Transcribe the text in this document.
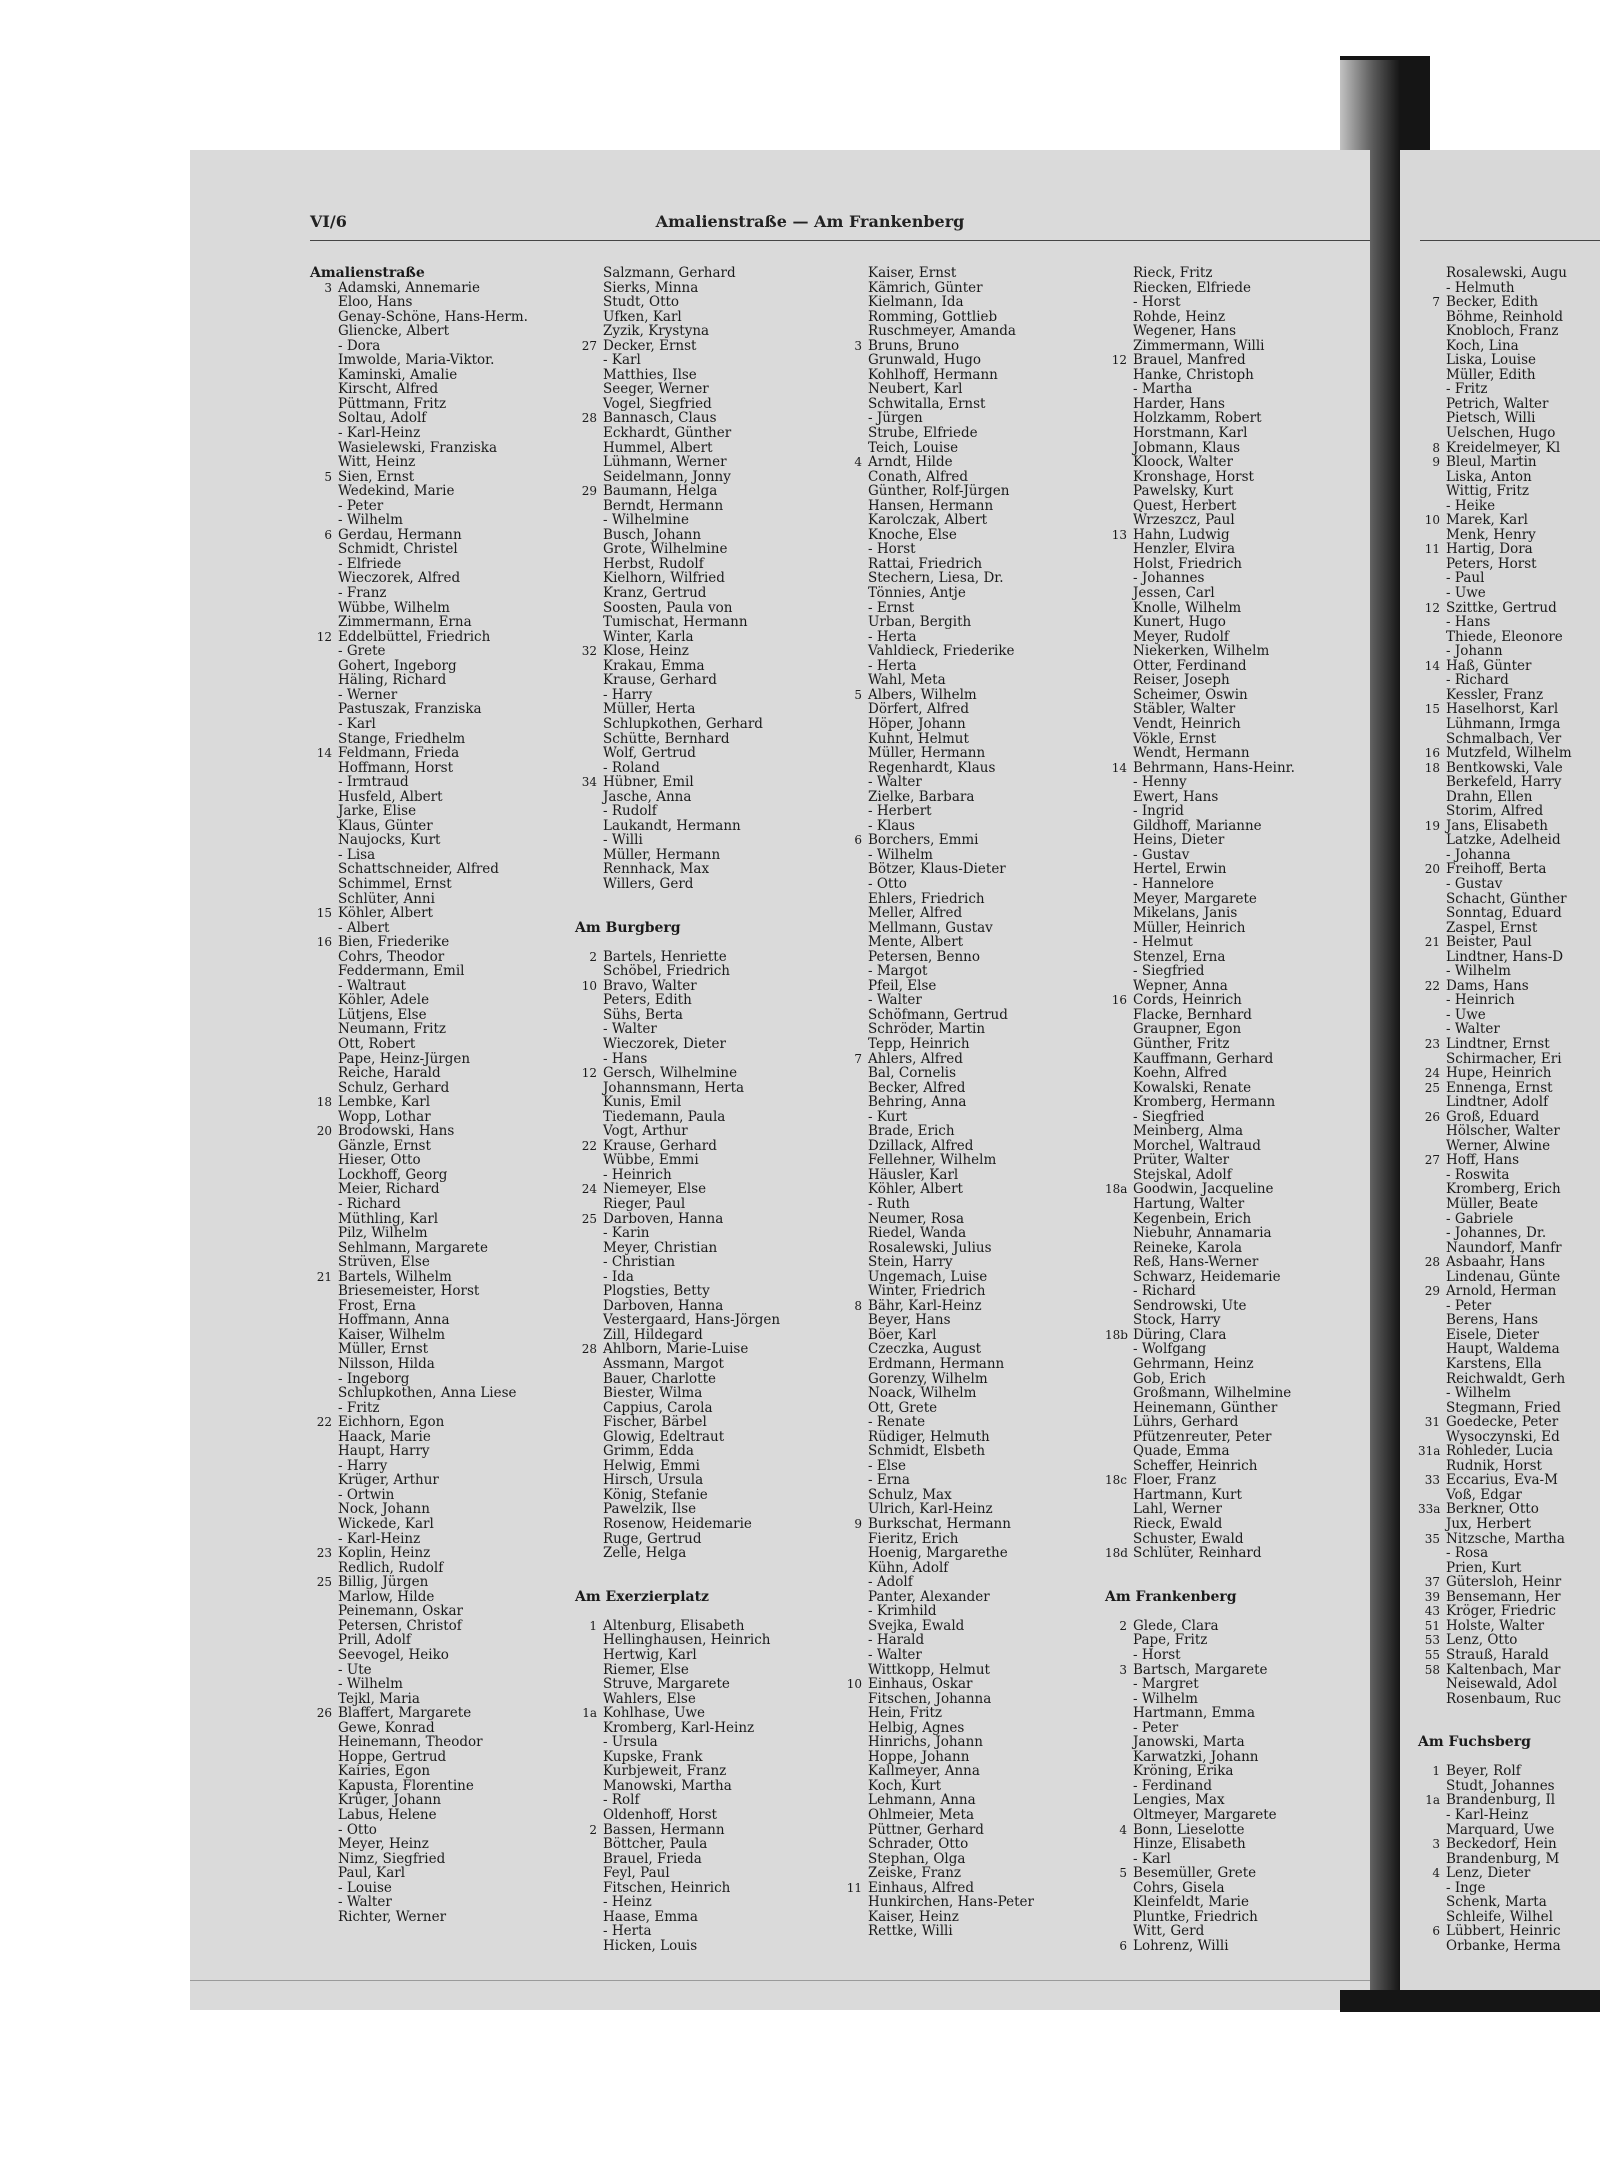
VI/6	Amalienstraße — Am Frankenberg
Amalienstraße
3 Adamski, Annemarie
Eloo, Hans
Genay-Schöne, Hans-Herm.
Gliencke, Albert
- Dora
Imwolde, Maria-Viktor.
Kaminski, Amalie
Kirscht, Alfred
Püttmann, Fritz
Soltau, Adolf
- Karl-Heinz
Wasielewski, Franziska
Witt, Heinz
5 Sien, Ernst
Wedekind, Marie
- Peter
- Wilhelm
6 Gerdau, Hermann
Schmidt, Christel
- Elfriede
Wieczorek, Alfred
- Franz
Wübbe, Wilhelm
Zimmermann, Erna
12 Eddelbüttel, Friedrich
- Grete
Gohert, Ingeborg
Häling, Richard
- Werner
Pastuszak, Franziska
- Karl
Stange, Friedhelm
14 Feldmann, Frieda
Hoffmann, Horst
- Irmtraud
Husfeld, Albert
Jarke, Elise
Klaus, Günter
Naujocks, Kurt
- Lisa
Schattschneider, Alfred
Schimmel, Ernst
Schlüter, Anni
15 Köhler, Albert
- Albert
16 Bien, Friederike
Cohrs, Theodor
Feddermann, Emil
- Waltraut
Köhler, Adele
Lütjens, Else
Neumann, Fritz
Ott, Robert
Pape, Heinz-Jürgen
Reiche, Harald
Schulz, Gerhard
18 Lembke, Karl
Wopp, Lothar
20 Brodowski, Hans
Gänzle, Ernst
Hieser, Otto
Lockhoff, Georg
Meier, Richard
- Richard
Müthling, Karl
Pilz, Wilhelm
Sehlmann, Margarete
Strüven, Else
21 Bartels, Wilhelm
Briesemeister, Horst
Frost, Erna
Hoffmann, Anna
Kaiser, Wilhelm
Müller, Ernst
Nilsson, Hilda
- Ingeborg
Schlupkothen, Anna Liese
- Fritz
22 Eichhorn, Egon
Haack, Marie
Haupt, Harry
- Harry
Krüger, Arthur
- Ortwin
Nock, Johann
Wickede, Karl
- Karl-Heinz
23 Koplin, Heinz
Redlich, Rudolf
25 Billig, Jürgen
Marlow, Hilde
Peinemann, Oskar
Petersen, Christof
Prill, Adolf
Seevogel, Heiko
- Ute
- Wilhelm
Tejkl, Maria
26 Blaffert, Margarete
Gewe, Konrad
Heinemann, Theodor
Hoppe, Gertrud
Kairies, Egon
Kapusta, Florentine
Krüger, Johann
Labus, Helene
- Otto
Meyer, Heinz
Nimz, Siegfried
Paul, Karl
- Louise
- Walter
Richter, Werner
Salzmann, Gerhard
Sierks, Minna
Studt, Otto
Ufken, Karl
Zyzik, Krystyna
27 Decker, Ernst
- Karl
Matthies, Ilse
Seeger, Werner
Vogel, Siegfried
28 Bannasch, Claus
Eckhardt, Günther
Hummel, Albert
Lühmann, Werner
Seidelmann, Jonny
29 Baumann, Helga
Berndt, Hermann
- Wilhelmine
Busch, Johann
Grote, Wilhelmine
Herbst, Rudolf
Kielhorn, Wilfried
Kranz, Gertrud
Soosten, Paula von
Tumischat, Hermann
Winter, Karla
32 Klose, Heinz
Krakau, Emma
Krause, Gerhard
- Harry
Müller, Herta
Schlupkothen, Gerhard
Schütte, Bernhard
Wolf, Gertrud
- Roland
34 Hübner, Emil
Jasche, Anna
- Rudolf
Laukandt, Hermann
- Willi
Müller, Hermann
Rennhack, Max
Willers, Gerd
Am Burgberg
2 Bartels, Henriette
Schöbel, Friedrich
10 Bravo, Walter
Peters, Edith
Sühs, Berta
- Walter
Wieczorek, Dieter
- Hans
12 Gersch, Wilhelmine
Johannsmann, Herta
Kunis, Emil
Tiedemann, Paula
Vogt, Arthur
22 Krause, Gerhard
Wübbe, Emmi
- Heinrich
24 Niemeyer, Else
Rieger, Paul
25 Darboven, Hanna
- Karin
Meyer, Christian
- Christian
- Ida
Plogsties, Betty
Darboven, Hanna
Vestergaard, Hans-Jörgen
Zill, Hildegard
28 Ahlborn, Marie-Luise
Assmann, Margot
Bauer, Charlotte
Biester, Wilma
Cappius, Carola
Fischer, Bärbel
Glowig, Edeltraut
Grimm, Edda
Helwig, Emmi
Hirsch, Ursula
König, Stefanie
Pawelzik, Ilse
Rosenow, Heidemarie
Ruge, Gertrud
Zelle, Helga
Am Exerzierplatz
1 Altenburg, Elisabeth
Hellinghausen, Heinrich
Hertwig, Karl
Riemer, Else
Struve, Margarete
Wahlers, Else
1a Kohlhase, Uwe
Kromberg, Karl-Heinz
- Ursula
Kupske, Frank
Kurbjeweit, Franz
Manowski, Martha
- Rolf
Oldenhoff, Horst
2 Bassen, Hermann
Böttcher, Paula
Brauel, Frieda
Feyl, Paul
Fitschen, Heinrich
- Heinz
Haase, Emma
- Herta
Hicken, Louis
Kaiser, Ernst
Kämrich, Günter
Kielmann, Ida
Romming, Gottlieb
Ruschmeyer, Amanda
3 Bruns, Bruno
Grunwald, Hugo
Kohlhoff, Hermann
Neubert, Karl
Schwitalla, Ernst
- Jürgen
Strube, Elfriede
Teich, Louise
4 Arndt, Hilde
Conath, Alfred
Günther, Rolf-Jürgen
Hansen, Hermann
Karolczak, Albert
Knoche, Else
- Horst
Rattai, Friedrich
Stechern, Liesa, Dr.
Tönnies, Antje
- Ernst
Urban, Bergith
- Herta
Vahldieck, Friederike
- Herta
Wahl, Meta
5 Albers, Wilhelm
Dörfert, Alfred
Höper, Johann
Kuhnt, Helmut
Müller, Hermann
Regenhardt, Klaus
- Walter
Zielke, Barbara
- Herbert
- Klaus
6 Borchers, Emmi
- Wilhelm
Bötzer, Klaus-Dieter
- Otto
Ehlers, Friedrich
Meller, Alfred
Mellmann, Gustav
Mente, Albert
Petersen, Benno
- Margot
Pfeil, Else
- Walter
Schöfmann, Gertrud
Schröder, Martin
Tepp, Heinrich
7 Ahlers, Alfred
Bal, Cornelis
Becker, Alfred
Behring, Anna
- Kurt
Brade, Erich
Dzillack, Alfred
Fellehner, Wilhelm
Häusler, Karl
Köhler, Albert
- Ruth
Neumer, Rosa
Riedel, Wanda
Rosalewski, Julius
Stein, Harry
Ungemach, Luise
Winter, Friedrich
8 Bähr, Karl-Heinz
Beyer, Hans
Böer, Karl
Czeczka, August
Erdmann, Hermann
Gorenzy, Wilhelm
Noack, Wilhelm
Ott, Grete
- Renate
Rüdiger, Helmuth
Schmidt, Elsbeth
- Else
- Erna
Schulz, Max
Ulrich, Karl-Heinz
9 Burkschat, Hermann
Fieritz, Erich
Hoenig, Margarethe
Kühn, Adolf
- Adolf
Panter, Alexander
- Krimhild
Svejka, Ewald
- Harald
- Walter
Wittkopp, Helmut
10 Einhaus, Oskar
Fitschen, Johanna
Hein, Fritz
Helbig, Agnes
Hinrichs, Johann
Hoppe, Johann
Kallmeyer, Anna
Koch, Kurt
Lehmann, Anna
Ohlmeier, Meta
Püttner, Gerhard
Schrader, Otto
Stephan, Olga
Zeiske, Franz
11 Einhaus, Alfred
Hunkirchen, Hans-Peter
Kaiser, Heinz
Rettke, Willi
Rieck, Fritz
Riecken, Elfriede
- Horst
Rohde, Heinz
Wegener, Hans
Zimmermann, Willi
12 Brauel, Manfred
Hanke, Christoph
- Martha
Harder, Hans
Holzkamm, Robert
Horstmann, Karl
Jobmann, Klaus
Kloock, Walter
Kronshage, Horst
Pawelsky, Kurt
Quest, Herbert
Wrzeszcz, Paul
13 Hahn, Ludwig
Henzler, Elvira
Holst, Friedrich
- Johannes
Jessen, Carl
Knolle, Wilhelm
Kunert, Hugo
Meyer, Rudolf
Niekerken, Wilhelm
Otter, Ferdinand
Reiser, Joseph
Scheimer, Oswin
Stäbler, Walter
Vendt, Heinrich
Vökle, Ernst
Wendt, Hermann
14 Behrmann, Hans-Heinr.
- Henny
Ewert, Hans
- Ingrid
Gildhoff, Marianne
Heins, Dieter
- Gustav
Hertel, Erwin
- Hannelore
Meyer, Margarete
Mikelans, Janis
Müller, Heinrich
- Helmut
Stenzel, Erna
- Siegfried
Wepner, Anna
16 Cords, Heinrich
Flacke, Bernhard
Graupner, Egon
Günther, Fritz
Kauffmann, Gerhard
Koehn, Alfred
Kowalski, Renate
Kromberg, Hermann
- Siegfried
Meinberg, Alma
Morchel, Waltraud
Prüter, Walter
Stejskal, Adolf
18a Goodwin, Jacqueline
Hartung, Walter
Kegenbein, Erich
Niebuhr, Annamaria
Reineke, Karola
Reß, Hans-Werner
Schwarz, Heidemarie
- Richard
Sendrowski, Ute
Stock, Harry
18b Düring, Clara
- Wolfgang
Gehrmann, Heinz
Gob, Erich
Großmann, Wilhelmine
Heinemann, Günther
Lührs, Gerhard
Pfützenreuter, Peter
Quade, Emma
Scheffer, Heinrich
18c Floer, Franz
Hartmann, Kurt
Lahl, Werner
Rieck, Ewald
Schuster, Ewald
18d Schlüter, Reinhard
Am Frankenberg
2 Glede, Clara
Pape, Fritz
- Horst
3 Bartsch, Margarete
- Margret
- Wilhelm
Hartmann, Emma
- Peter
Janowski, Marta
Karwatzki, Johann
Kröning, Erika
- Ferdinand
Lengies, Max
Oltmeyer, Margarete
4 Bonn, Lieselotte
Hinze, Elisabeth
- Karl
5 Besemüller, Grete
Cohrs, Gisela
Kleinfeldt, Marie
Pluntke, Friedrich
Witt, Gerd
6 Lohrenz, Willi
Rosalewski, Augu
- Helmuth
7 Becker, Edith
Böhme, Reinhold
Knobloch, Franz
Koch, Lina
Liska, Louise
Müller, Edith
- Fritz
Petrich, Walter
Pietsch, Willi
Uelschen, Hugo
8 Kreidelmeyer, Kl
9 Bleul, Martin
Liska, Anton
Wittig, Fritz
- Heike
10 Marek, Karl
Menk, Henry
11 Hartig, Dora
Peters, Horst
- Paul
- Uwe
12 Szittke, Gertrud
- Hans
Thiede, Eleonore
- Johann
14 Haß, Günter
- Richard
Kessler, Franz
15 Haselhorst, Karl
Lühmann, Irmga
Schmalbach, Ver
16 Mutzfeld, Wilhelm
18 Bentkowski, Vale
Berkefeld, Harry
Drahn, Ellen
Storim, Alfred
19 Jans, Elisabeth
Latzke, Adelheid
- Johanna
20 Freihoff, Berta
- Gustav
Schacht, Günther
Sonntag, Eduard
Zaspel, Ernst
21 Beister, Paul
Lindtner, Hans-D
- Wilhelm
22 Dams, Hans
- Heinrich
- Uwe
- Walter
23 Lindtner, Ernst
Schirmacher, Eri
24 Hupe, Heinrich
25 Ennenga, Ernst
Lindtner, Adolf
26 Groß, Eduard
Hölscher, Walter
Werner, Alwine
27 Hoff, Hans
- Roswita
Kromberg, Erich
Müller, Beate
- Gabriele
- Johannes, Dr.
Naundorf, Manfr
28 Asbaahr, Hans
Lindenau, Günte
29 Arnold, Herman
- Peter
Berens, Hans
Eisele, Dieter
Haupt, Waldema
Karstens, Ella
Reichwaldt, Gerh
- Wilhelm
Stegmann, Fried
31 Goedecke, Peter
Wysoczynski, Ed
31a Rohleder, Lucia
Rudnik, Horst
33 Eccarius, Eva-M
Voß, Edgar
33a Berkner, Otto
Jux, Herbert
35 Nitzsche, Martha
- Rosa
Prien, Kurt
37 Gütersloh, Heinr
39 Bensemann, Her
43 Kröger, Friedric
51 Holste, Walter
53 Lenz, Otto
55 Strauß, Harald
58 Kaltenbach, Mar
Neisewald, Adol
Rosenbaum, Ruc
Am Fuchsberg
1 Beyer, Rolf
Studt, Johannes
1a Brandenburg, Il
- Karl-Heinz
Marquard, Uwe
3 Beckedorf, Hein
Brandenburg, M
4 Lenz, Dieter
- Inge
Schenk, Marta
Schleife, Wilhel
6 Lübbert, Heinric
Orbanke, Herma
